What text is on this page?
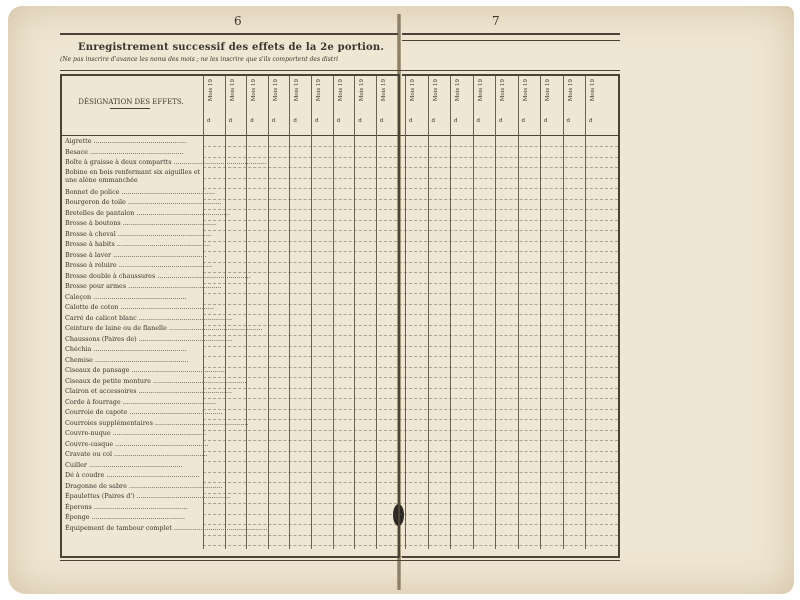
6	7
Enregistrement successif des effets de la 2e portion.
(Ne pas inscrire d'avance les noms des mois ; ne les inscrire que s'ils comportent des distri
DÉSIGNATION DES EFFETS.
Aigrette ..............................................
Besace ..............................................
Boîte à graisse à deux compartts ..............................................
Bobine en bois renfermant six aiguilles et une alène emmanchée
Bonnet de police ..............................................
Bourgeron de toile ..............................................
Bretelles de pantalon ..............................................
Brosse à boutons ..............................................
Brosse à cheval ..............................................
Brosse à habits ..............................................
Brosse à laver ..............................................
Brosse à reluire ..............................................
Brosse double à chaussures ..............................................
Brosse pour armes ..............................................
Caleçon ..............................................
Calotte de coton ..............................................
Carré de calicot blanc ..............................................
Ceinture de laine ou de flanelle ..............................................
Chaussons (Paires de) ..............................................
Chéchia ..............................................
Chemise ..............................................
Ciseaux de pansage ..............................................
Ciseaux de petite monture ..............................................
Clairon et accessoires ..............................................
Corde à fourrage ..............................................
Courroie de capote ..............................................
Courroies supplémentaires ..............................................
Couvre-nuque ..............................................
Couvre-casque ..............................................
Cravate ou col ..............................................
Cuiller ..............................................
Dé à coudre ..............................................
Dragonne de sabre ..............................................
Épaulettes (Paires d') ..............................................
Éperons ..............................................
Éponge ..............................................
Équipement de tambour complet ..............................................
Mois 19
d
Mois 19
d
Mois 19
d
Mois 19
d
Mois 19
d
Mois 19
d
Mois 19
d
Mois 19
d
Mois 19
d
Mois 19
d
Mois 19
d
Mois 19
d
Mois 19
d
Mois 19
d
Mois 19
d
Mois 19
d
Mois 19
d
Mois 19
d
